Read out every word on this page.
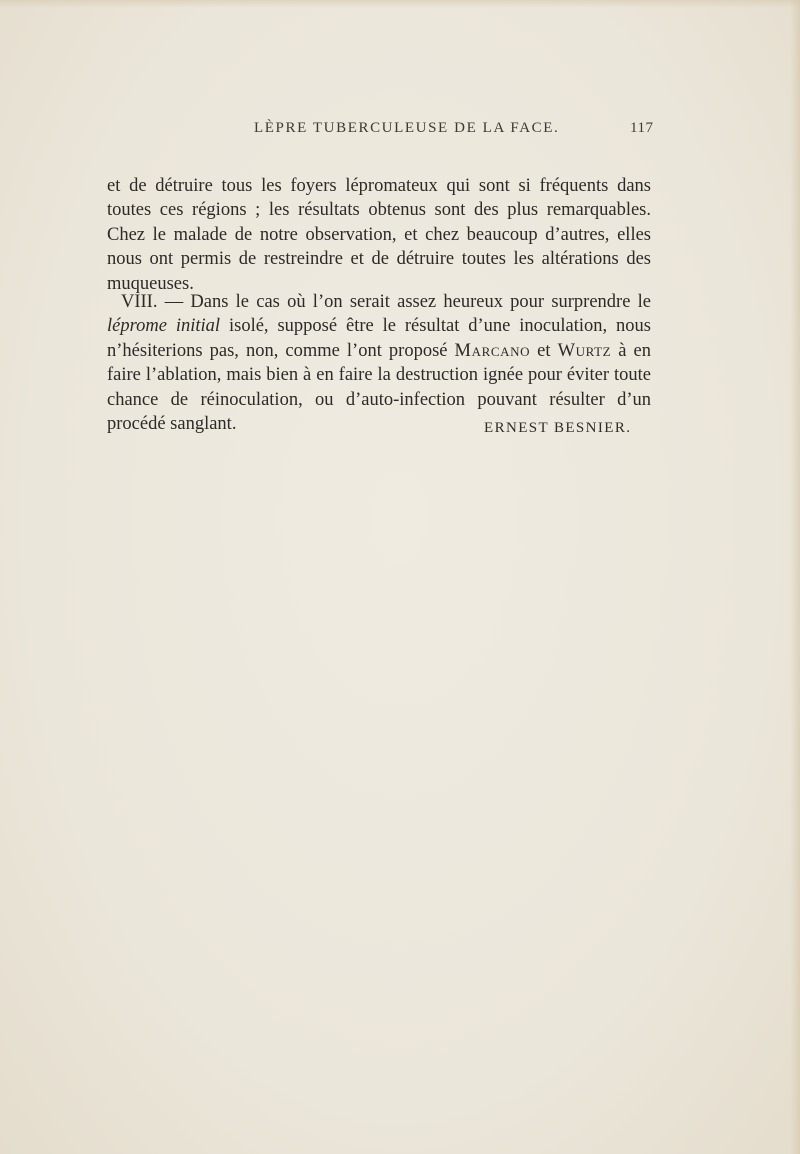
LÈPRE TUBERCULEUSE DE LA FACE.	117

et de détruire tous les foyers lépromateux qui sont si fréquents dans toutes ces régions ; les résultats obtenus sont des plus remarquables. Chez le malade de notre observation, et chez beaucoup d’autres, elles nous ont permis de restreindre et de détruire toutes les altérations des muqueuses.

VIII. — Dans le cas où l’on serait assez heureux pour surprendre le léprome initial isolé, supposé être le résultat d’une inoculation, nous n’hésiterions pas, non, comme l’ont proposé Marcano et Wurtz à en faire l’ablation, mais bien à en faire la destruction ignée pour éviter toute chance de réinoculation, ou d’auto-infection pouvant résulter d’un procédé sanglant.	ERNEST BESNIER.
